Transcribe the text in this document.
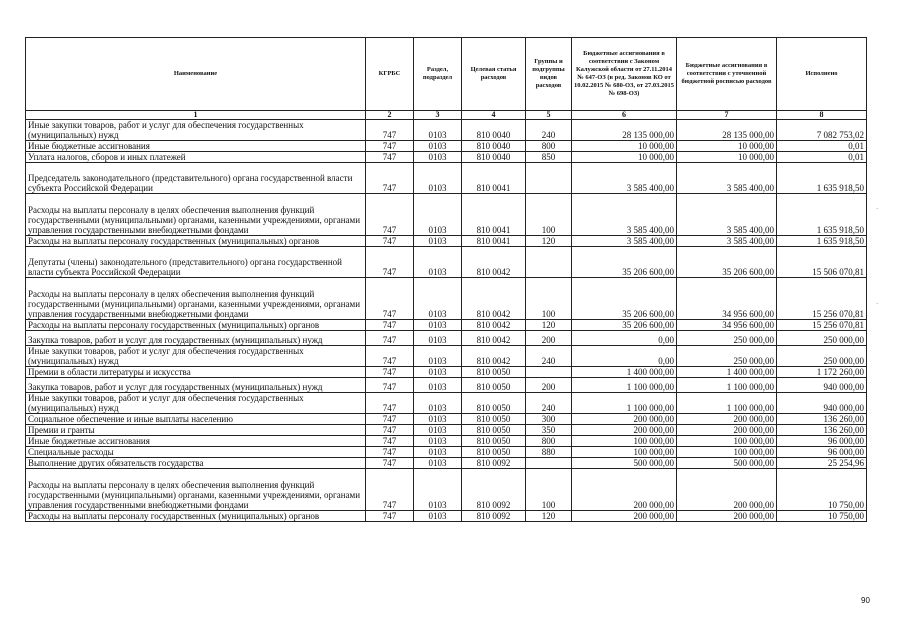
Наименование	КГРБС	Раздел, подраздел	Целевая статья расходов	Группы и подгруппы видов расходов	Бюджетные ассигнования в соответствии с Законом Калужской области от 27.11.2014 № 647-ОЗ (в ред. Законов КО от 10.02.2015 № 680-ОЗ, от 27.03.2015 № 698-ОЗ)	Бюджетные ассигнования в соответствии с уточненной бюджетной росписью расходов	Исполнено
1	2	3	4	5	6	7	8
Иные закупки товаров, работ и услуг для обеспечения государственных (муниципальных) нужд	747	0103	810 0040	240	28 135 000,00	28 135 000,00	7 082 753,02
Иные бюджетные ассигнования	747	0103	810 0040	800	10 000,00	10 000,00	0,01
Уплата налогов, сборов и иных платежей	747	0103	810 0040	850	10 000,00	10 000,00	0,01
Председатель законодательного (представительного) органа государственной власти субъекта Российской Федерации	747	0103	810 0041		3 585 400,00	3 585 400,00	1 635 918,50
Расходы на выплаты персоналу в целях обеспечения выполнения функций государственными (муниципальными) органами, казенными учреждениями, органами управления государственными внебюджетными фондами	747	0103	810 0041	100	3 585 400,00	3 585 400,00	1 635 918,50
Расходы на выплаты персоналу государственных (муниципальных) органов	747	0103	810 0041	120	3 585 400,00	3 585 400,00	1 635 918,50
Депутаты (члены) законодательного (представительного) органа государственной власти субъекта Российской Федерации	747	0103	810 0042		35 206 600,00	35 206 600,00	15 506 070,81
Расходы на выплаты персоналу в целях обеспечения выполнения функций государственными (муниципальными) органами, казенными учреждениями, органами управления государственными внебюджетными фондами	747	0103	810 0042	100	35 206 600,00	34 956 600,00	15 256 070,81
Расходы на выплаты персоналу государственных (муниципальных) органов	747	0103	810 0042	120	35 206 600,00	34 956 600,00	15 256 070,81
Закупка товаров, работ и услуг для государственных (муниципальных) нужд	747	0103	810 0042	200	0,00	250 000,00	250 000,00
Иные закупки товаров, работ и услуг для обеспечения государственных (муниципальных) нужд	747	0103	810 0042	240	0,00	250 000,00	250 000,00
Премии в области литературы и искусства	747	0103	810 0050		1 400 000,00	1 400 000,00	1 172 260,00
Закупка товаров, работ и услуг для государственных (муниципальных) нужд	747	0103	810 0050	200	1 100 000,00	1 100 000,00	940 000,00
Иные закупки товаров, работ и услуг для обеспечения государственных (муниципальных) нужд	747	0103	810 0050	240	1 100 000,00	1 100 000,00	940 000,00
Социальное обеспечение и иные выплаты населению	747	0103	810 0050	300	200 000,00	200 000,00	136 260,00
Премии и гранты	747	0103	810 0050	350	200 000,00	200 000,00	136 260,00
Иные бюджетные ассигнования	747	0103	810 0050	800	100 000,00	100 000,00	96 000,00
Специальные расходы	747	0103	810 0050	880	100 000,00	100 000,00	96 000,00
Выполнение других обязательств государства	747	0103	810 0092		500 000,00	500 000,00	25 254,96
Расходы на выплаты персоналу в целях обеспечения выполнения функций государственными (муниципальными) органами, казенными учреждениями, органами управления государственными внебюджетными фондами	747	0103	810 0092	100	200 000,00	200 000,00	10 750,00
Расходы на выплаты персоналу государственных (муниципальных) органов	747	0103	810 0092	120	200 000,00	200 000,00	10 750,00
90
·
·
